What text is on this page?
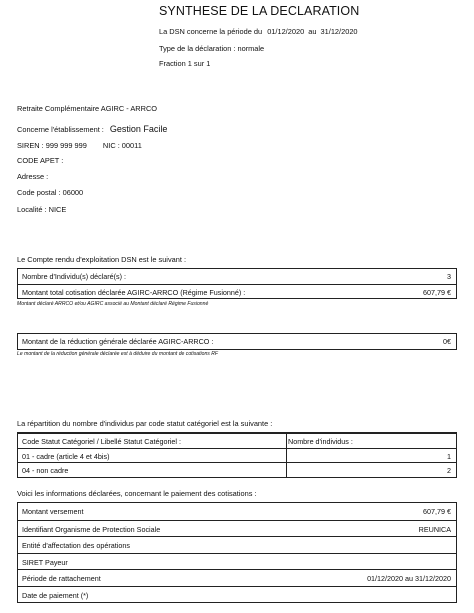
SYNTHESE DE LA DECLARATION
La DSN concerne la période du 01/12/2020 au 31/12/2020
Type de la déclaration : normale
Fraction 1 sur 1
Retraite Complémentaire AGIRC - ARRCO
Concerne l'établissement : Gestion Facile
SIREN : 999 999 999 NIC : 00011
CODE APET :
Adresse :
Code postal : 06000
Localité : NICE
Le Compte rendu d'exploitation DSN est le suivant :
Nombre d'Individu(s) déclaré(s) :	3
Montant total cotisation déclarée AGIRC-ARRCO (Régime Fusionné) :	607,79 €
Montant déclaré ARRCO et/ou AGIRC associé au Montant déclaré Régime Fusionné
Montant de la réduction générale déclarée AGIRC-ARRCO :	0€
Le montant de la réduction générale déclarée est à déduire du montant de cotisations RF
La répartition du nombre d'individus par code statut catégoriel est la suivante :
Code Statut Catégoriel / Libellé Statut Catégoriel :	Nombre d'individus :
01 - cadre (article 4 et 4bis)	1
04 - non cadre	2
Voici les informations déclarées, concernant le paiement des cotisations :
Montant versement	607,79 €
Identifiant Organisme de Protection Sociale	REUNICA
Entité d'affectation des opérations
SIRET Payeur
Période de rattachement	01/12/2020 au 31/12/2020
Date de paiement (*)
